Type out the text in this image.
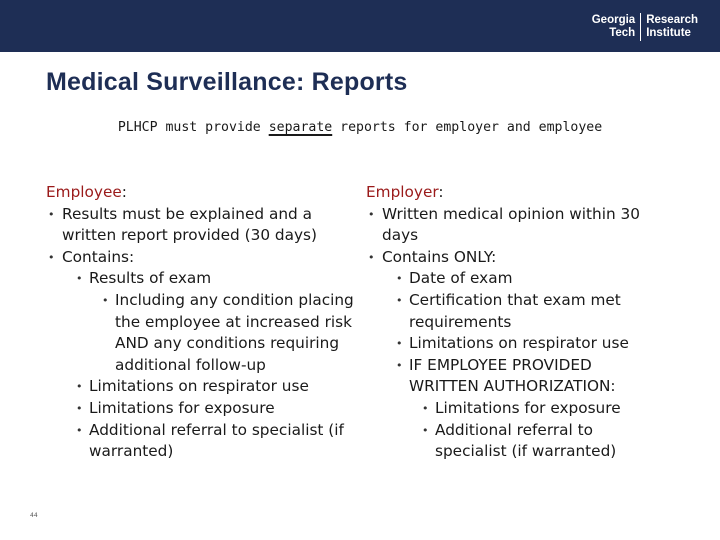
Georgia
Tech
Research
Institute
Medical Surveillance: Reports
PLHCP must provide separate reports for employer and employee
Employee:
• Results must be explained and a written report provided (30 days)
• Contains:
• Results of exam
• Including any condition placing the employee at increased risk AND any conditions requiring additional follow-up
• Limitations on respirator use
• Limitations for exposure
• Additional referral to specialist (if warranted)
Employer:
• Written medical opinion within 30 days
• Contains ONLY:
• Date of exam
• Certification that exam met requirements
• Limitations on respirator use
• IF EMPLOYEE PROVIDED WRITTEN AUTHORIZATION:
• Limitations for exposure
• Additional referral to specialist (if warranted)
44
